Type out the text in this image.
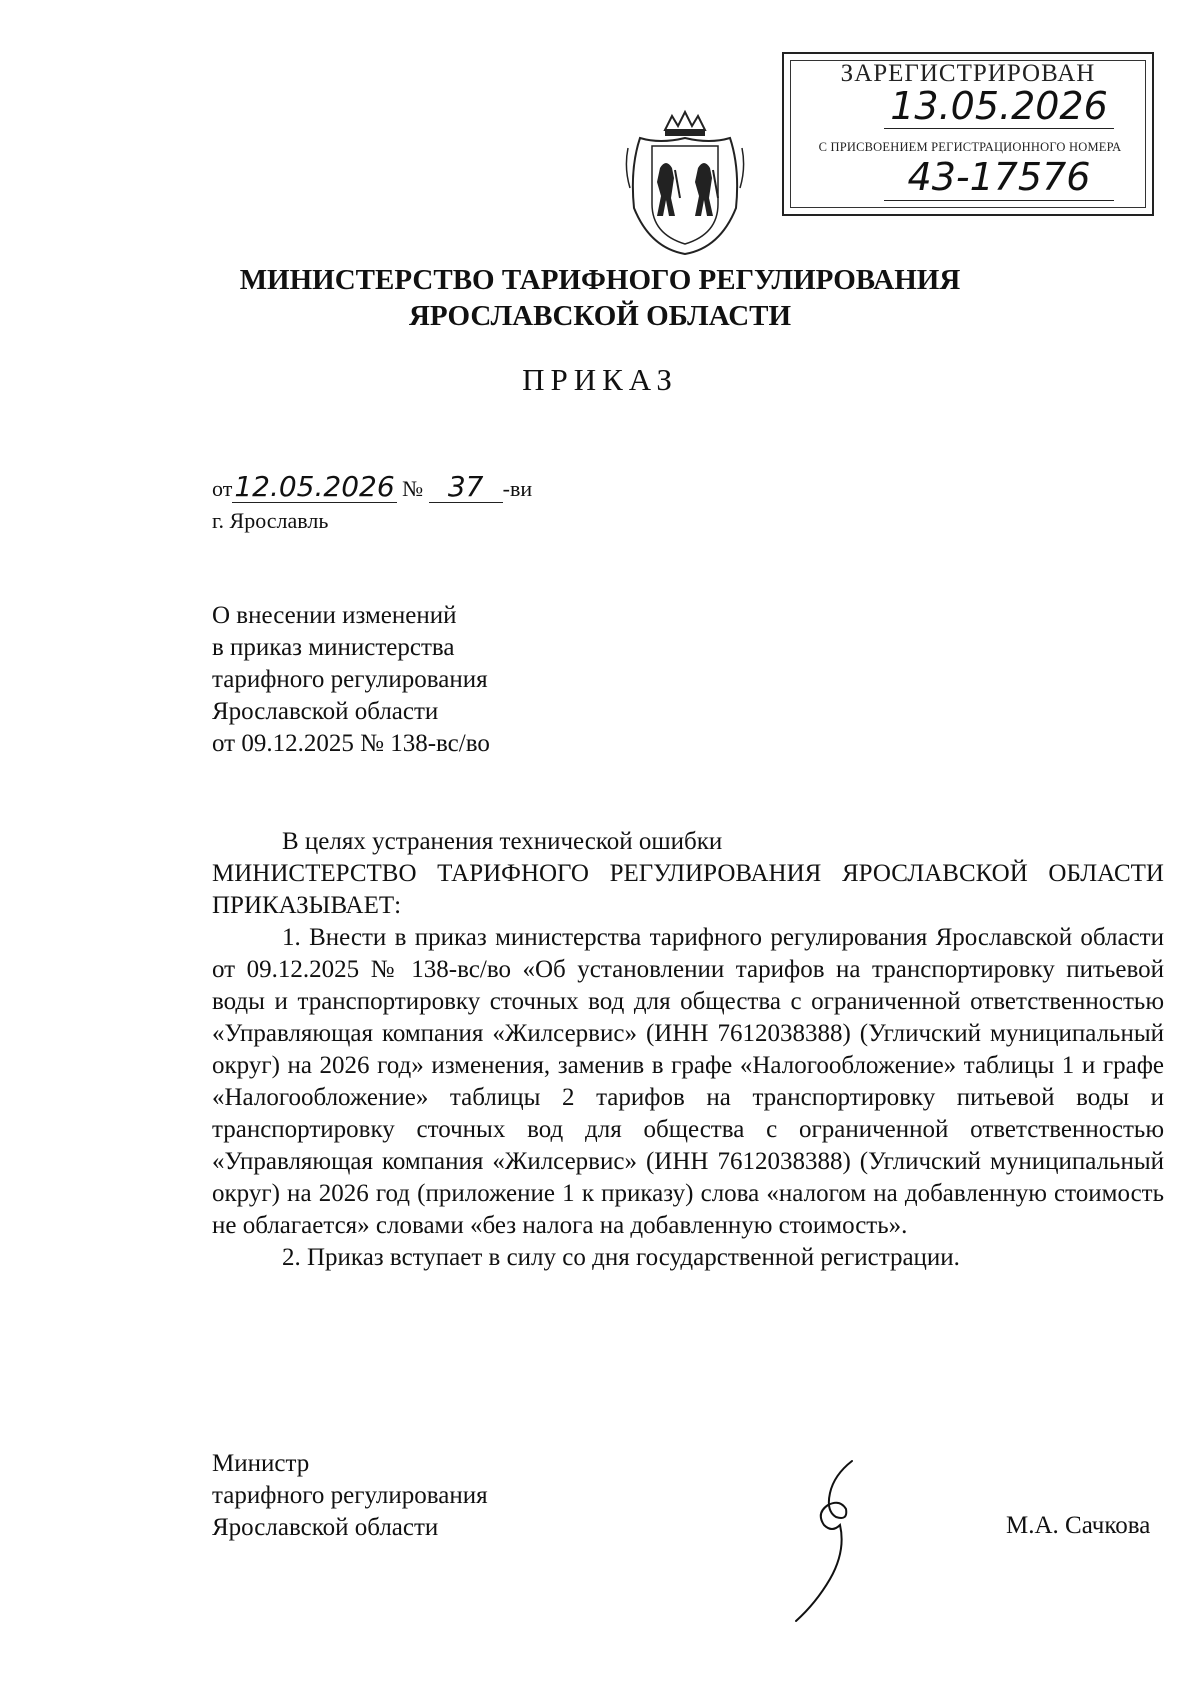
ЗАРЕГИСТРИРОВАН
13.05.2026
С ПРИСВОЕНИЕМ РЕГИСТРАЦИОННОГО НОМЕРА
43-17576
МИНИСТЕРСТВО ТАРИФНОГО РЕГУЛИРОВАНИЯ
ЯРОСЛАВСКОЙ ОБЛАСТИ
ПРИКАЗ
от12.05.2026 № 37 -ви
г. Ярославль
О внесении изменений
в приказ министерства
тарифного регулирования
Ярославской области
от 09.12.2025 № 138-вс/во

В целях устранения технической ошибки

МИНИСТЕРСТВО ТАРИФНОГО РЕГУЛИРОВАНИЯ ЯРОСЛАВСКОЙ ОБЛАСТИ ПРИКАЗЫВАЕТ:

1. Внести в приказ министерства тарифного регулирования Ярославской области от 09.12.2025 № 138-вс/во «Об установлении тарифов на транспортировку питьевой воды и транспортировку сточных вод для общества с ограниченной ответственностью «Управляющая компания «Жилсервис» (ИНН 7612038388) (Угличский муниципальный округ) на 2026 год» изменения, заменив в графе «Налогообложение» таблицы 1 и графе «Налогообложение» таблицы 2 тарифов на транспортировку питьевой воды и транспортировку сточных вод для общества с ограниченной ответственностью «Управляющая компания «Жилсервис» (ИНН 7612038388) (Угличский муниципальный округ) на 2026 год (приложение 1 к приказу) слова «налогом на добавленную стоимость не облагается» словами «без налога на добавленную стоимость».

2. Приказ вступает в силу со дня государственной регистрации.

Министр
тарифного регулирования
Ярославской области	М.А. Сачкова
